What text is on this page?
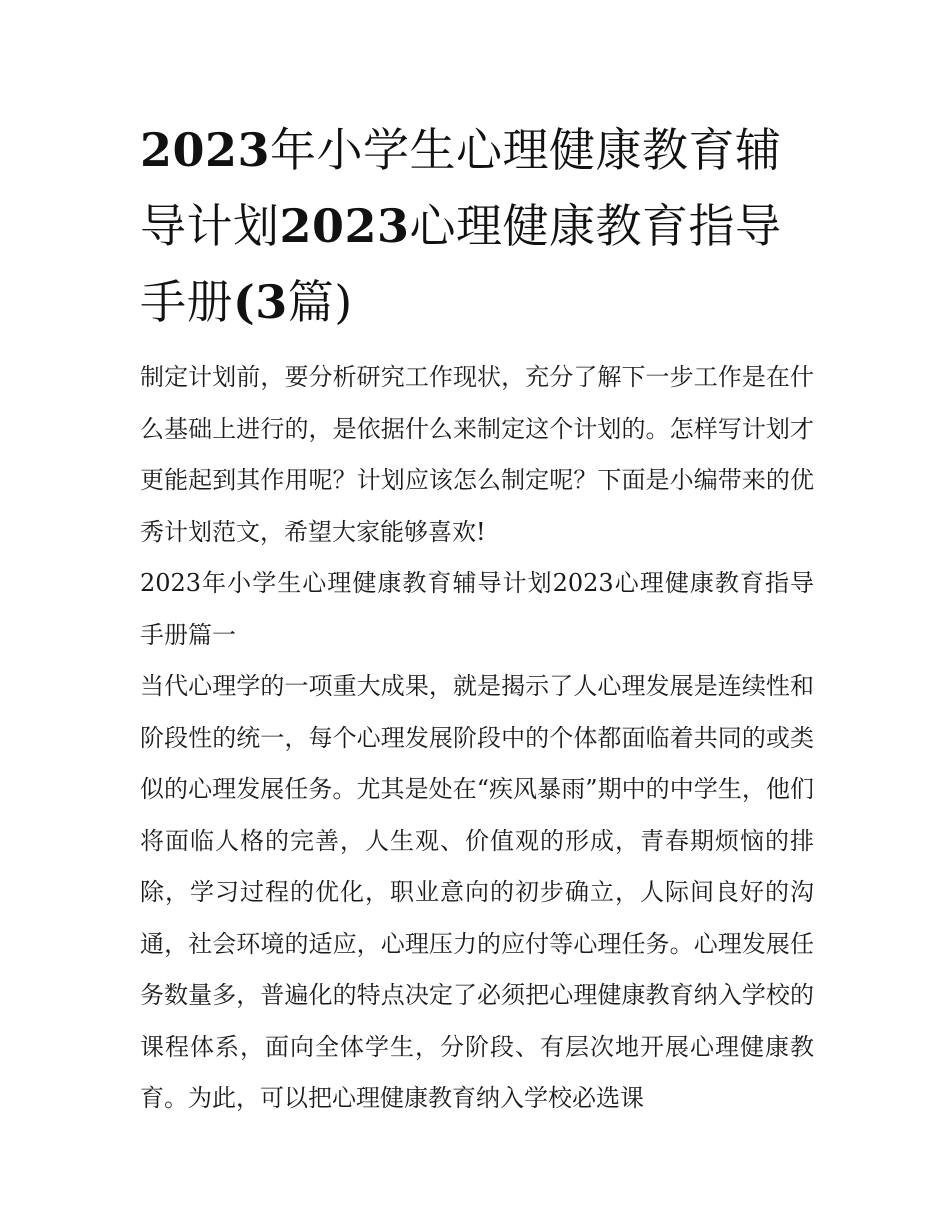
2023年小学生心理健康教育辅导计划2023心理健康教育指导手册(3篇)

制定计划前，要分析研究工作现状，充分了解下一步工作是在什么基础上进行的，是依据什么来制定这个计划的。怎样写计划才更能起到其作用呢？计划应该怎么制定呢？下面是小编带来的优秀计划范文，希望大家能够喜欢!

2023年小学生心理健康教育辅导计划2023心理健康教育指导手册篇一

当代心理学的一项重大成果，就是揭示了人心理发展是连续性和阶段性的统一，每个心理发展阶段中的个体都面临着共同的或类似的心理发展任务。尤其是处在“疾风暴雨”期中的中学生，他们将面临人格的完善，人生观、价值观的形成，青春期烦恼的排除，学习过程的优化，职业意向的初步确立，人际间良好的沟通，社会环境的适应，心理压力的应付等心理任务。心理发展任务数量多，普遍化的特点决定了必须把心理健康教育纳入学校的课程体系，面向全体学生，分阶段、有层次地开展心理健康教育。为此，可以把心理健康教育纳入学校必选课
